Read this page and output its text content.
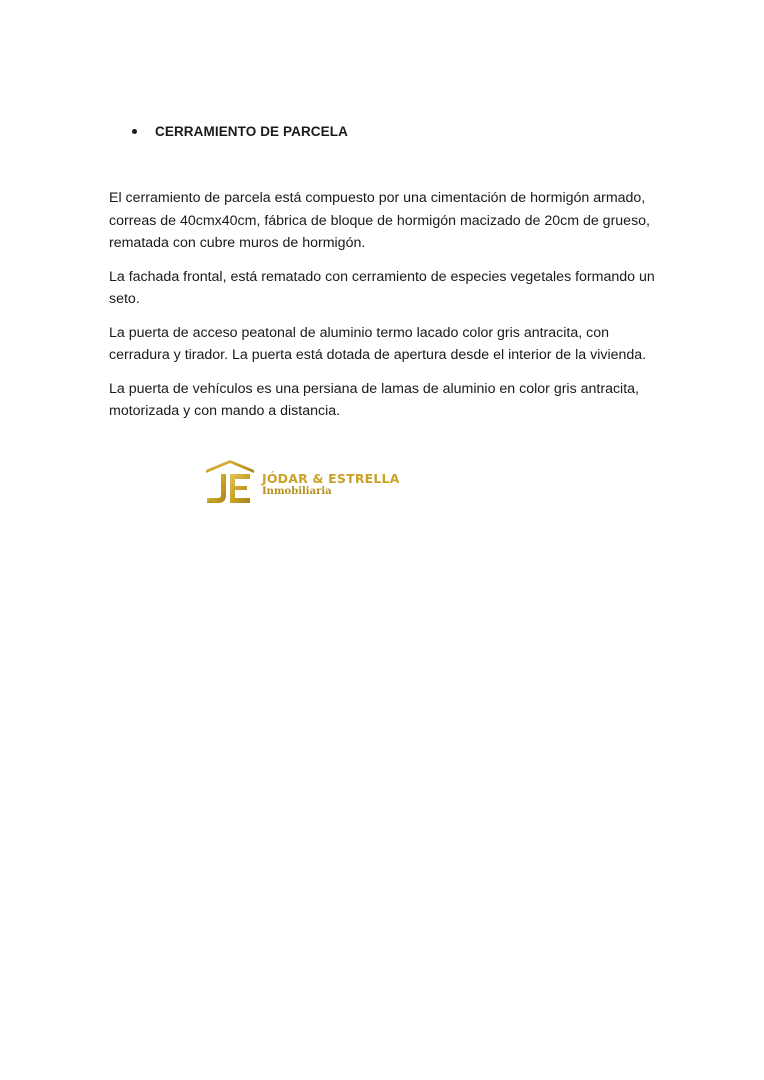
CERRAMIENTO DE PARCELA

El cerramiento de parcela está compuesto por una cimentación de hormigón armado, correas de 40cmx40cm, fábrica de bloque de hormigón macizado de 20cm de grueso, rematada con cubre muros de hormigón.

La fachada frontal, está rematado con cerramiento de especies vegetales formando un seto.

La puerta de acceso peatonal de aluminio termo lacado color gris antracita, con cerradura y tirador. La puerta está dotada de apertura desde el interior de la vivienda.

La puerta de vehículos es una persiana de lamas de aluminio en color gris antracita, motorizada y con mando a distancia.

JÓDAR & ESTRELLA
Inmobiliaria
